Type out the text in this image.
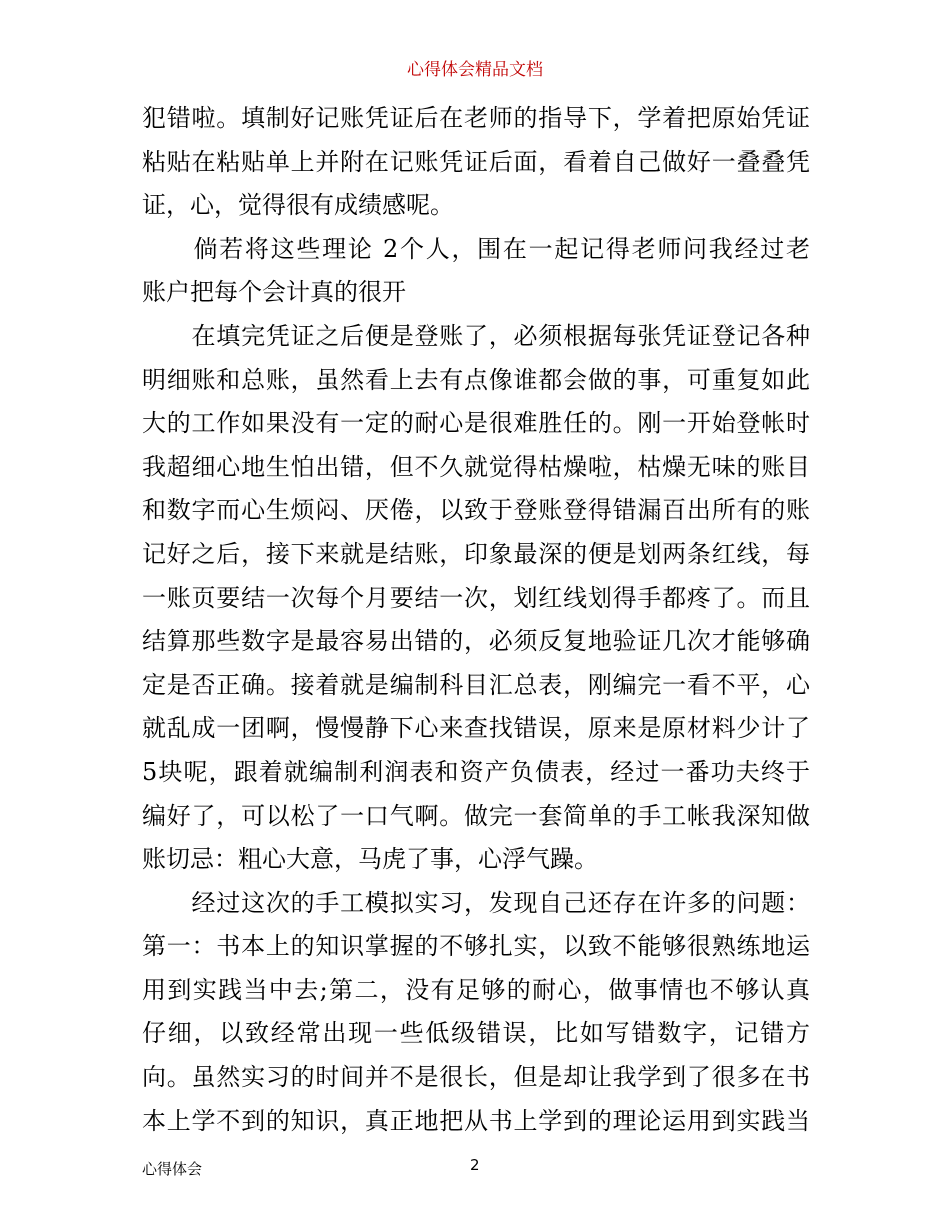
心得体会精品文档
犯错啦。填制好记账凭证后在老师的指导下，学着把原始凭证
粘贴在粘贴单上并附在记账凭证后面，看着自己做好一叠叠凭
证，心，觉得很有成绩感呢。
　　倘若将这些理论 2个人，围在一起记得老师问我经过老
账户把每个会计真的很开
　　在填完凭证之后便是登账了，必须根据每张凭证登记各种
明细账和总账，虽然看上去有点像谁都会做的事，可重复如此
大的工作如果没有一定的耐心是很难胜任的。刚一开始登帐时
我超细心地生怕出错，但不久就觉得枯燥啦，枯燥无味的账目
和数字而心生烦闷、厌倦，以致于登账登得错漏百出所有的账
记好之后，接下来就是结账，印象最深的便是划两条红线，每
一账页要结一次每个月要结一次，划红线划得手都疼了。而且
结算那些数字是最容易出错的，必须反复地验证几次才能够确
定是否正确。接着就是编制科目汇总表，刚编完一看不平，心
就乱成一团啊，慢慢静下心来查找错误，原来是原材料少计了
5块呢，跟着就编制利润表和资产负债表，经过一番功夫终于
编好了，可以松了一口气啊。做完一套简单的手工帐我深知做
账切忌：粗心大意，马虎了事，心浮气躁。
　　经过这次的手工模拟实习，发现自己还存在许多的问题：
第一：书本上的知识掌握的不够扎实，以致不能够很熟练地运
用到实践当中去;第二，没有足够的耐心，做事情也不够认真
仔细，以致经常出现一些低级错误，比如写错数字，记错方
向。虽然实习的时间并不是很长，但是却让我学到了很多在书
本上学不到的知识，真正地把从书上学到的理论运用到实践当
心得体会	2
